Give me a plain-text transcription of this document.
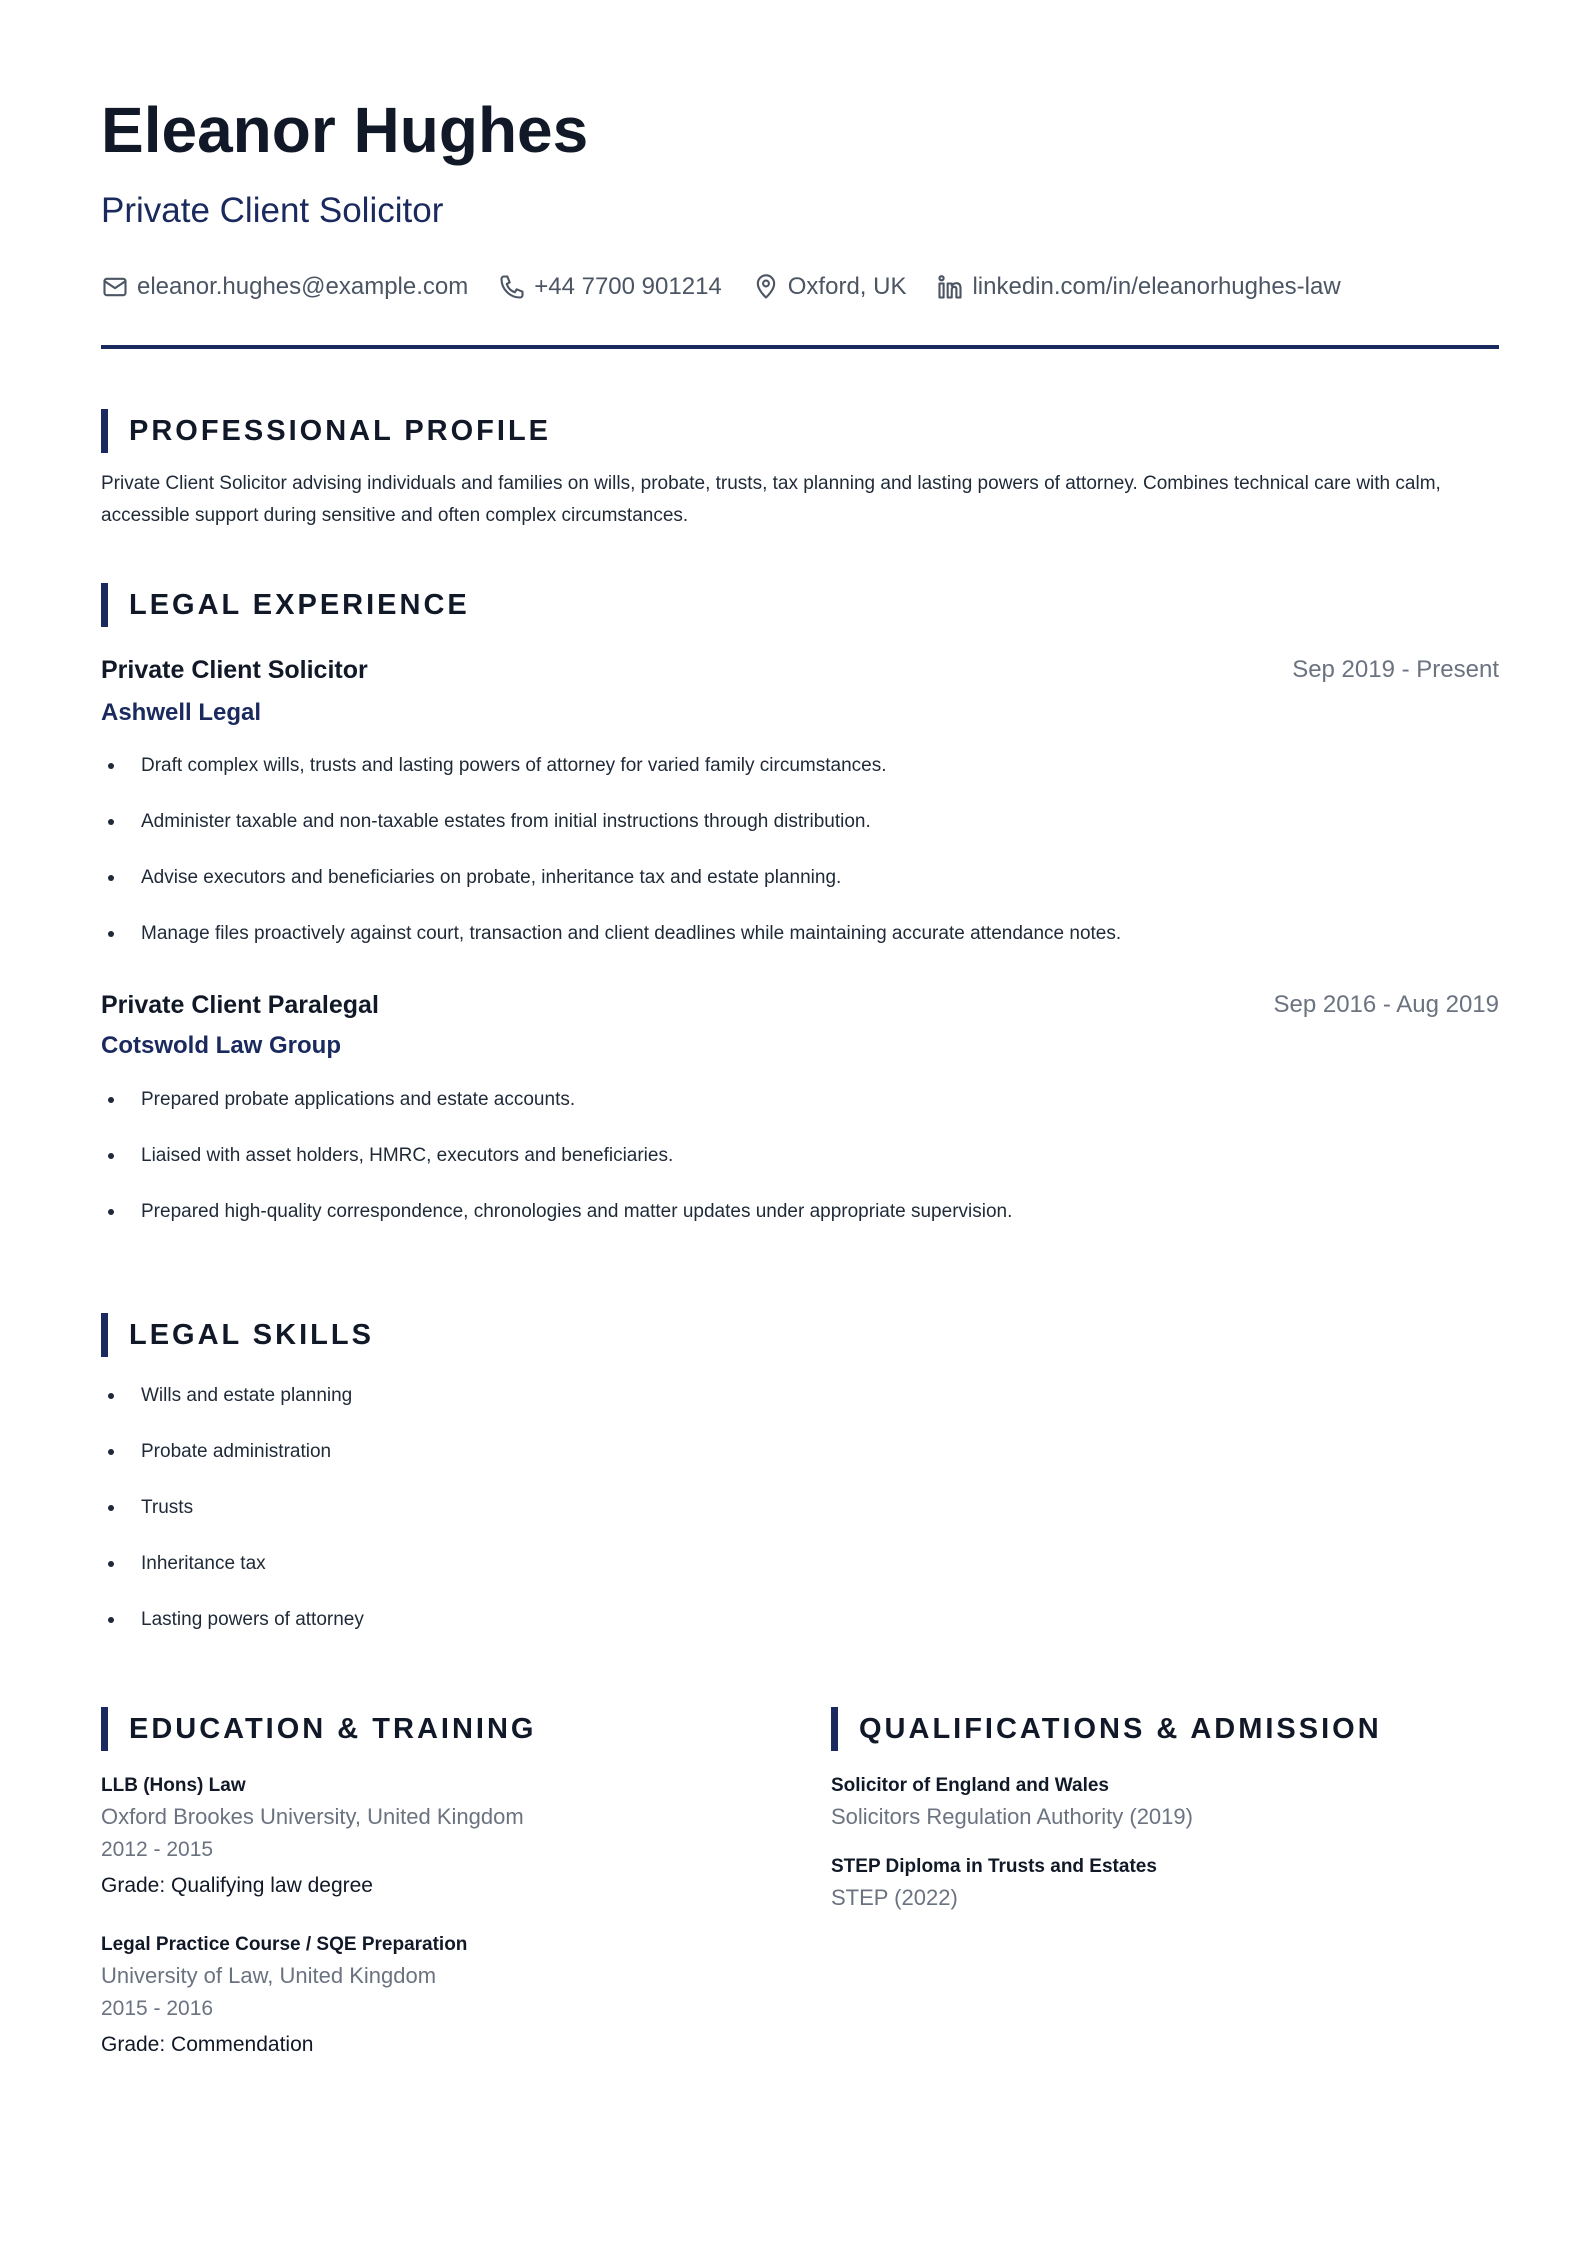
Eleanor Hughes
Private Client Solicitor
eleanor.hughes@example.com	+44 7700 901214	Oxford, UK	linkedin.com/in/eleanorhughes-law
PROFESSIONAL PROFILE

Private Client Solicitor advising individuals and families on wills, probate, trusts, tax planning and lasting powers of attorney. Combines technical care with calm, accessible support during sensitive and often complex circumstances.

LEGAL EXPERIENCE
Private Client Solicitor	Sep 2019 - Present
Ashwell Legal
Draft complex wills, trusts and lasting powers of attorney for varied family circumstances.
Administer taxable and non-taxable estates from initial instructions through distribution.
Advise executors and beneficiaries on probate, inheritance tax and estate planning.
Manage files proactively against court, transaction and client deadlines while maintaining accurate attendance notes.
Private Client Paralegal	Sep 2016 - Aug 2019
Cotswold Law Group
Prepared probate applications and estate accounts.
Liaised with asset holders, HMRC, executors and beneficiaries.
Prepared high-quality correspondence, chronologies and matter updates under appropriate supervision.
LEGAL SKILLS
Wills and estate planning
Probate administration
Trusts
Inheritance tax
Lasting powers of attorney
EDUCATION & TRAINING
LLB (Hons) Law
Oxford Brookes University, United Kingdom
2012 - 2015
Grade: Qualifying law degree
Legal Practice Course / SQE Preparation
University of Law, United Kingdom
2015 - 2016
Grade: Commendation
QUALIFICATIONS & ADMISSION
Solicitor of England and Wales
Solicitors Regulation Authority (2019)
STEP Diploma in Trusts and Estates
STEP (2022)
